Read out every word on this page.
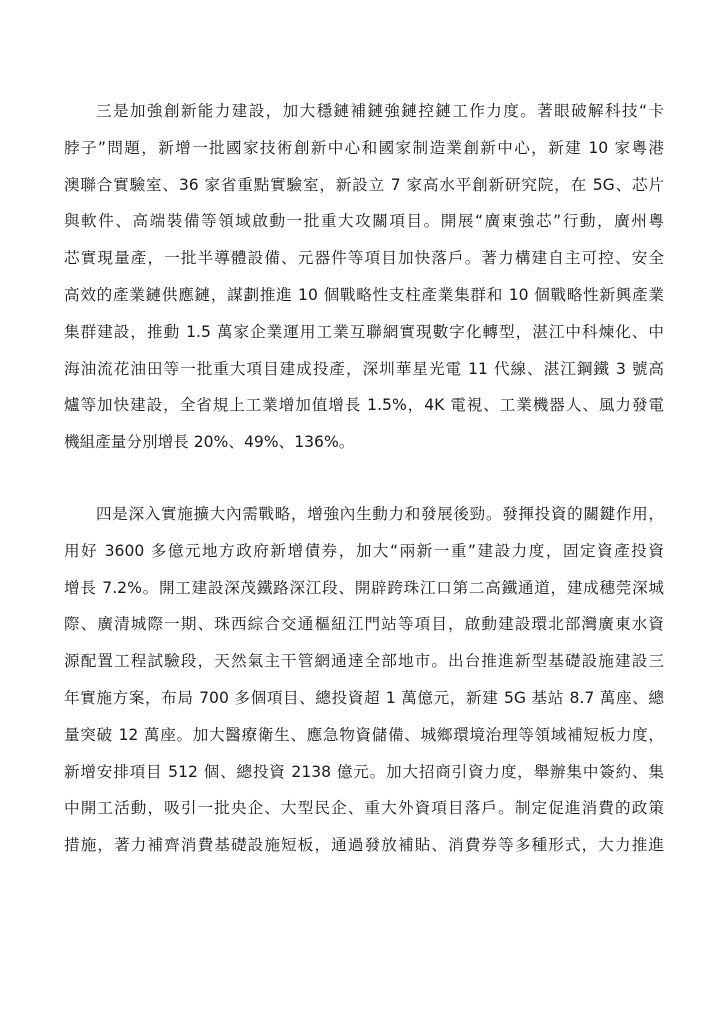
三是加強創新能力建設，加大穩鏈補鏈強鏈控鏈工作力度。著眼破解科技“卡
脖子”問題，新增一批國家技術創新中心和國家制造業創新中心，新建 10 家粵港
澳聯合實驗室、36 家省重點實驗室，新設立 7 家高水平創新研究院，在 5G、芯片
與軟件、高端裝備等領域啟動一批重大攻關項目。開展“廣東強芯”行動，廣州粵
芯實現量產，一批半導體設備、元器件等項目加快落戶。著力構建自主可控、安全
高效的產業鏈供應鏈，謀劃推進 10 個戰略性支柱產業集群和 10 個戰略性新興產業
集群建設，推動 1.5 萬家企業運用工業互聯網實現數字化轉型，湛江中科煉化、中
海油流花油田等一批重大項目建成投產，深圳華星光電 11 代線、湛江鋼鐵 3 號高
爐等加快建設，全省規上工業增加值增長 1.5%，4K 電視、工業機器人、風力發電
機組產量分別增長 20%、49%、136%。
四是深入實施擴大內需戰略，增強內生動力和發展後勁。發揮投資的關鍵作用，
用好 3600 多億元地方政府新增債券，加大“兩新一重”建設力度，固定資產投資
增長 7.2%。開工建設深茂鐵路深江段、開辟跨珠江口第二高鐵通道，建成穗莞深城
際、廣清城際一期、珠西綜合交通樞紐江門站等項目，啟動建設環北部灣廣東水資
源配置工程試驗段，天然氣主干管網通達全部地市。出台推進新型基礎設施建設三
年實施方案，布局 700 多個項目、總投資超 1 萬億元，新建 5G 基站 8.7 萬座、總
量突破 12 萬座。加大醫療衛生、應急物資儲備、城鄉環境治理等領域補短板力度，
新增安排項目 512 個、總投資 2138 億元。加大招商引資力度，舉辦集中簽約、集
中開工活動，吸引一批央企、大型民企、重大外資項目落戶。制定促進消費的政策
措施，著力補齊消費基礎設施短板，通過發放補貼、消費券等多種形式，大力推進
